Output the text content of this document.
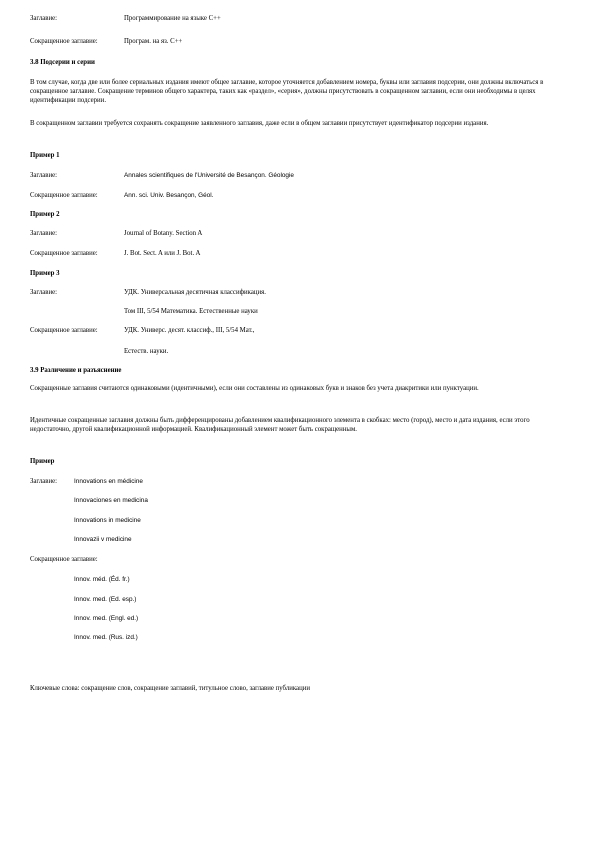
Заглавие:	Программирование на языке C++
Сокращенное заглавие:	Програм. на яз. C++
3.8 Подсерии и серии
В том случае, когда две или более сериальных издания имеют общее заглавие, которое уточняется добавлением номера, буквы или заглавия подсерии, они должны включаться в сокращенное заглавие. Сокращение терминов общего характера, таких как «раздел», «серия», должны присутствовать в сокращенном заглавии, если они необходимы в целях идентификации подсерии.
В сокращенном заглавии требуется сохранять сокращение заявленного заглавия, даже если в общем заглавии присутствует идентификатор подсерии издания.
Пример 1
Заглавие:	Annales scientifiques de l'Université de Besançon. Géologie
Сокращенное заглавие:	Ann. sci. Univ. Besançon, Géol.
Пример 2
Заглавие:	Journal of Botany. Section A
Сокращенное заглавие:	J. Bot. Sect. A или J. Bot. A
Пример 3
Заглавие:	УДК. Универсальная десятичная классификация.
Том III, 5/54 Математика. Естественные науки
Сокращенное заглавие:	УДК. Универс. десят. классиф., III, 5/54 Мат.,
Естеств. науки.
3.9 Различение и разъяснение
Сокращенные заглавия считаются одинаковыми (идентичными), если они составлены из одинаковых букв и знаков без учета диакритики или пунктуации.
Идентичные сокращенные заглавия должны быть дифференцированы добавлением квалификационного элемента в скобках: место (город), место и дата издания, если этого недостаточно, другой квалификационной информацией. Квалификационный элемент может быть сокращенным.
Пример
Заглавие:	Innovations en médicine
Innovaciones en medicina
Innovations in medicine
Innovazii v medicine
Сокращенное заглавие:
Innov. méd. (Éd. fr.)
Innov. med. (Ed. esp.)
Innov. med. (Engl. ed.)
Innov. med. (Rus. izd.)
Ключевые слова: сокращение слов, сокращение заглавий, титульное слово, заглавие публикации
